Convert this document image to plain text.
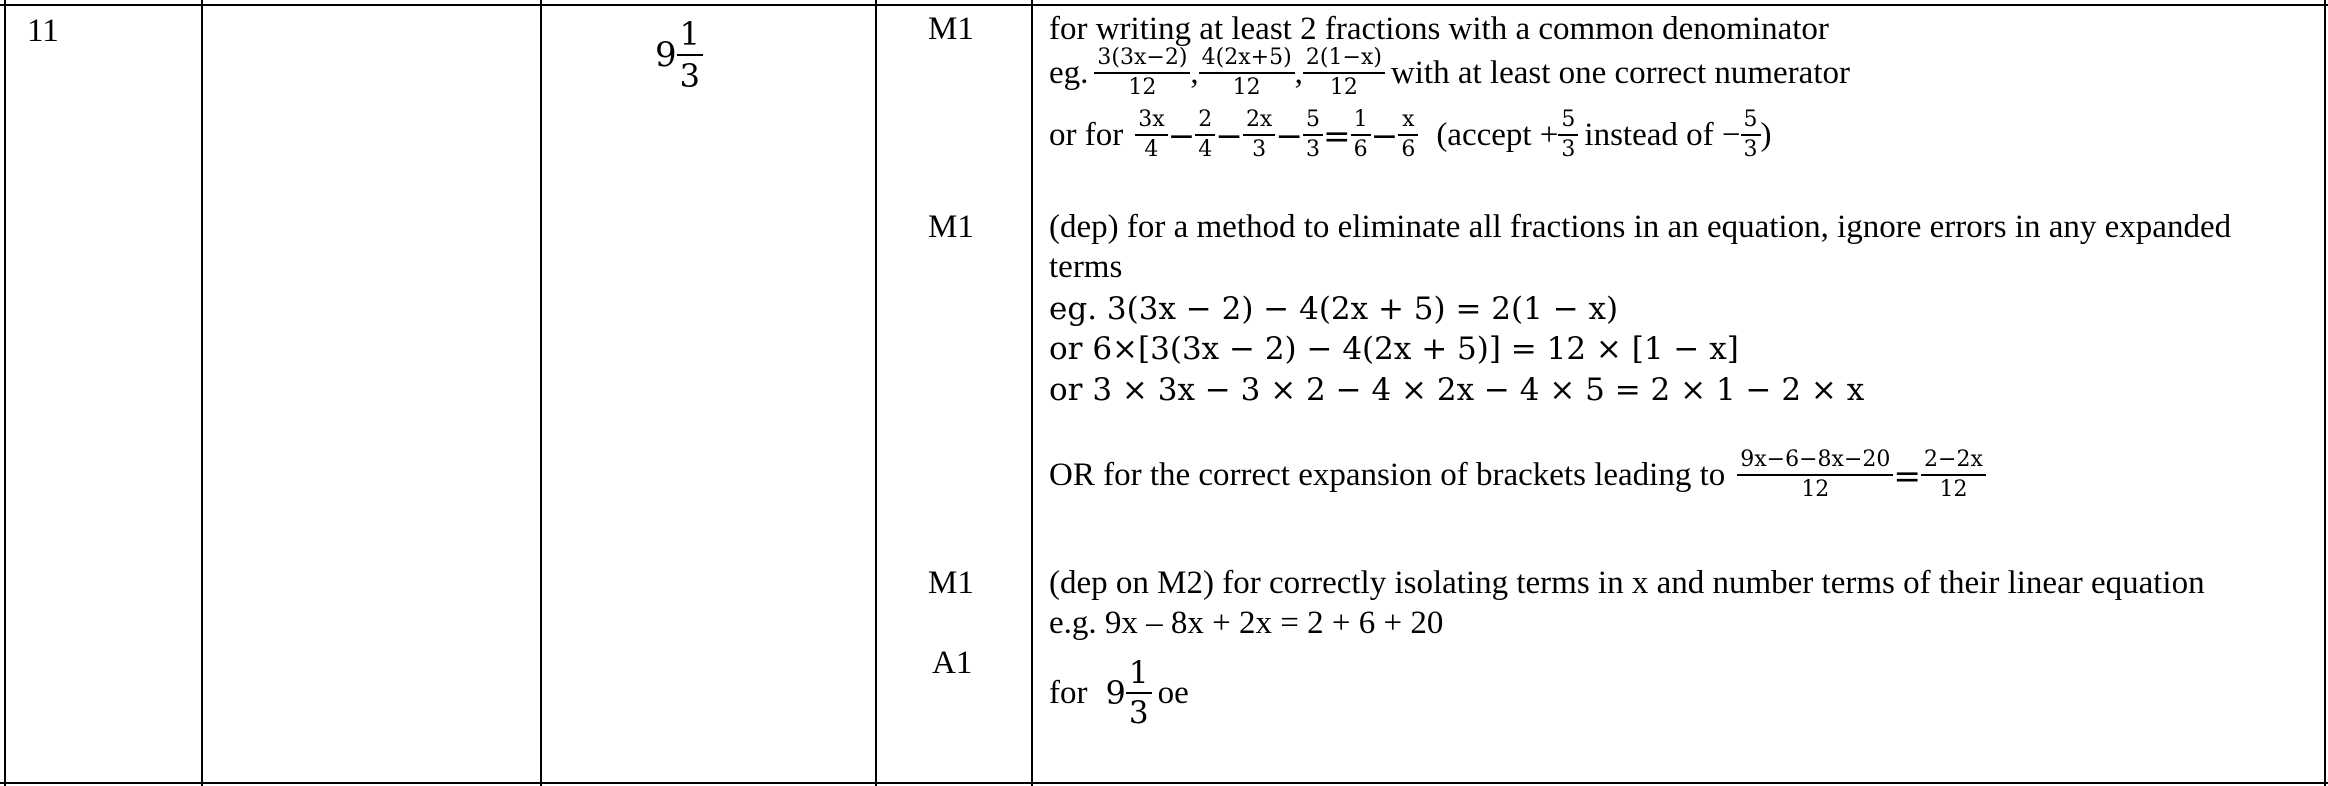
11
$9 \frac{1}{3}$	M1
M1
M1
A1
for writing at least 2 fractions with a common denominator
eg. $\frac{3(3x-2)}{12}$ , $\frac{4(2x+5)}{12}$ , $\frac{2(1-x)}{12}$ with at least one correct numerator
or for $\frac{3x}{4} - \frac{2}{4} - \frac{2x}{3} - \frac{5}{3} = \frac{1}{6} - \frac{x}{6}$ (accept + $\frac{5}{3}$ instead of − $\frac{5}{3}$ )
(dep) for a method to eliminate all fractions in an equation, ignore errors in any expanded
terms
eg. 3(3x − 2) − 4(2x + 5) = 2(1 − x)
or 6×[3(3x − 2) − 4(2x + 5)] = 12 × [1 − x]
or 3 × 3x − 3 × 2 − 4 × 2x − 4 × 5 = 2 × 1 − 2 × x
OR for the correct expansion of brackets leading to $\frac{9x-6-8x-20}{12} = \frac{2-2x}{12}$
(dep on M2) for correctly isolating terms in x and number terms of their linear equation
e.g. 9x – 8x + 2x = 2 + 6 + 20
for $9 \frac{1}{3}$ oe
